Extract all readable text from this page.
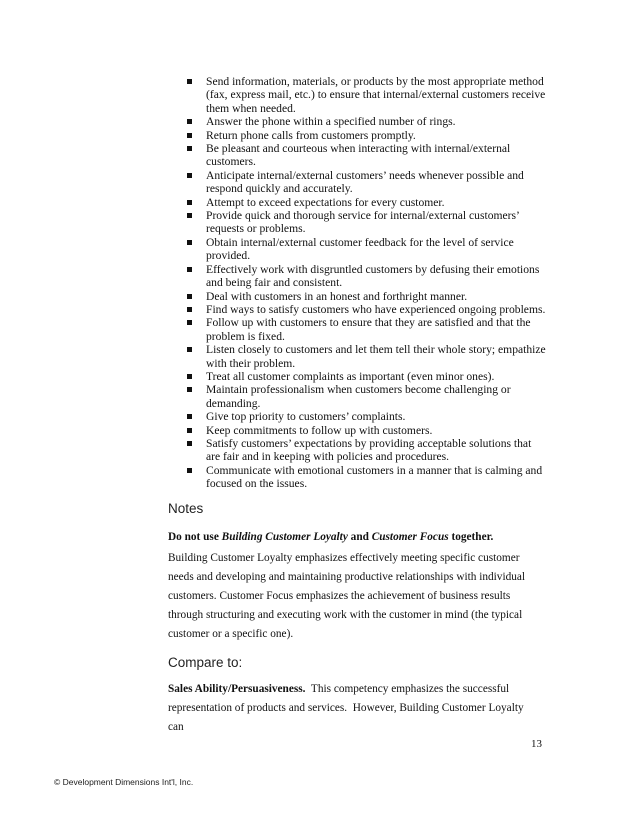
Send information, materials, or products by the most appropriate method (fax, express mail, etc.) to ensure that internal/external customers receive them when needed.
Answer the phone within a specified number of rings.
Return phone calls from customers promptly.
Be pleasant and courteous when interacting with internal/external customers.
Anticipate internal/external customers’ needs whenever possible and respond quickly and accurately.
Attempt to exceed expectations for every customer.
Provide quick and thorough service for internal/external customers’ requests or problems.
Obtain internal/external customer feedback for the level of service provided.
Effectively work with disgruntled customers by defusing their emotions and being fair and consistent.
Deal with customers in an honest and forthright manner.
Find ways to satisfy customers who have experienced ongoing problems.
Follow up with customers to ensure that they are satisfied and that the problem is fixed.
Listen closely to customers and let them tell their whole story; empathize with their problem.
Treat all customer complaints as important (even minor ones).
Maintain professionalism when customers become challenging or demanding.
Give top priority to customers’ complaints.
Keep commitments to follow up with customers.
Satisfy customers’ expectations by providing acceptable solutions that are fair and in keeping with policies and procedures.
Communicate with emotional customers in a manner that is calming and focused on the issues.
Notes

Do not use Building Customer Loyalty and Customer Focus together.

Building Customer Loyalty emphasizes effectively meeting specific customer needs and developing and maintaining productive relationships with individual customers. Customer Focus emphasizes the achievement of business results through structuring and executing work with the customer in mind (the typical customer or a specific one).

Compare to:

Sales Ability/Persuasiveness.  This competency emphasizes the successful representation of products and services.  However, Building Customer Loyalty can

13

© Development Dimensions Int'l, Inc.
